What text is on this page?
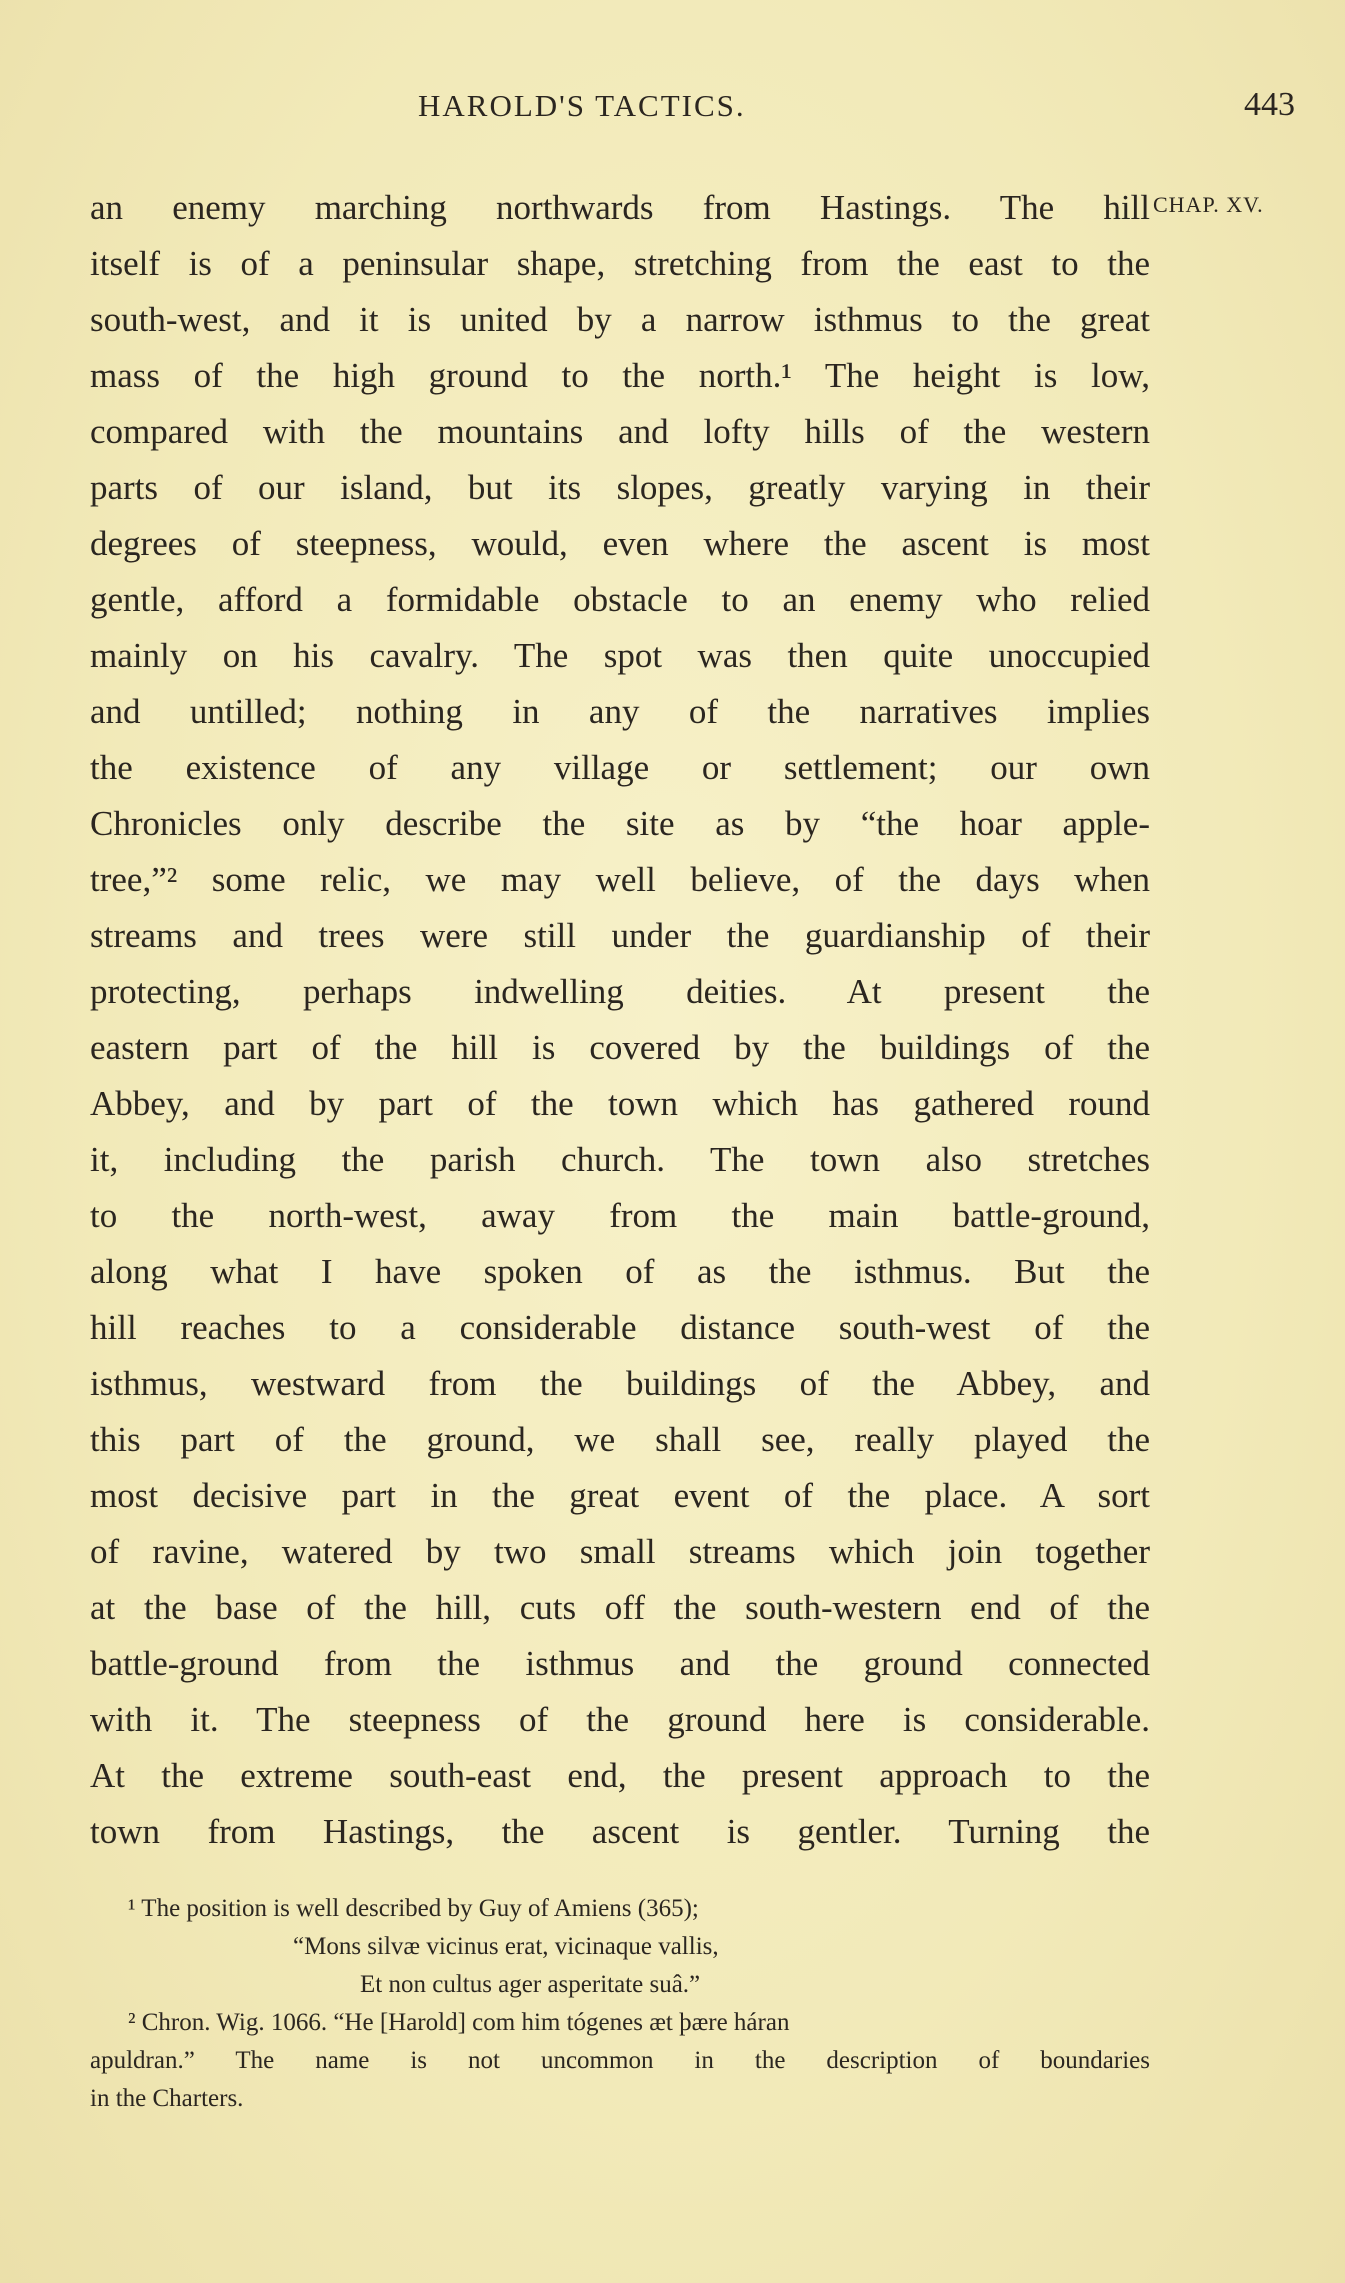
HAROLD'S TACTICS.	443
CHAP. XV.
an enemy marching northwards from Hastings. The hill
itself is of a peninsular shape, stretching from the east to the
south-west, and it is united by a narrow isthmus to the great
mass of the high ground to the north.¹ The height is low,
compared with the mountains and lofty hills of the western
parts of our island, but its slopes, greatly varying in their
degrees of steepness, would, even where the ascent is most
gentle, afford a formidable obstacle to an enemy who relied
mainly on his cavalry. The spot was then quite unoccupied
and untilled; nothing in any of the narratives implies
the existence of any village or settlement; our own
Chronicles only describe the site as by “the hoar apple-
tree,”² some relic, we may well believe, of the days when
streams and trees were still under the guardianship of their
protecting, perhaps indwelling deities. At present the
eastern part of the hill is covered by the buildings of the
Abbey, and by part of the town which has gathered round
it, including the parish church. The town also stretches
to the north-west, away from the main battle-ground,
along what I have spoken of as the isthmus. But the
hill reaches to a considerable distance south-west of the
isthmus, westward from the buildings of the Abbey, and
this part of the ground, we shall see, really played the
most decisive part in the great event of the place. A sort
of ravine, watered by two small streams which join together
at the base of the hill, cuts off the south-western end of the
battle-ground from the isthmus and the ground connected
with it. The steepness of the ground here is considerable.
At the extreme south-east end, the present approach to the
town from Hastings, the ascent is gentler. Turning the
¹ The position is well described by Guy of Amiens (365);
“Mons silvæ vicinus erat, vicinaque vallis,
Et non cultus ager asperitate suâ.”
² Chron. Wig. 1066. “He [Harold] com him tógenes æt þære háran
apuldran.” The name is not uncommon in the description of boundaries
in the Charters.
